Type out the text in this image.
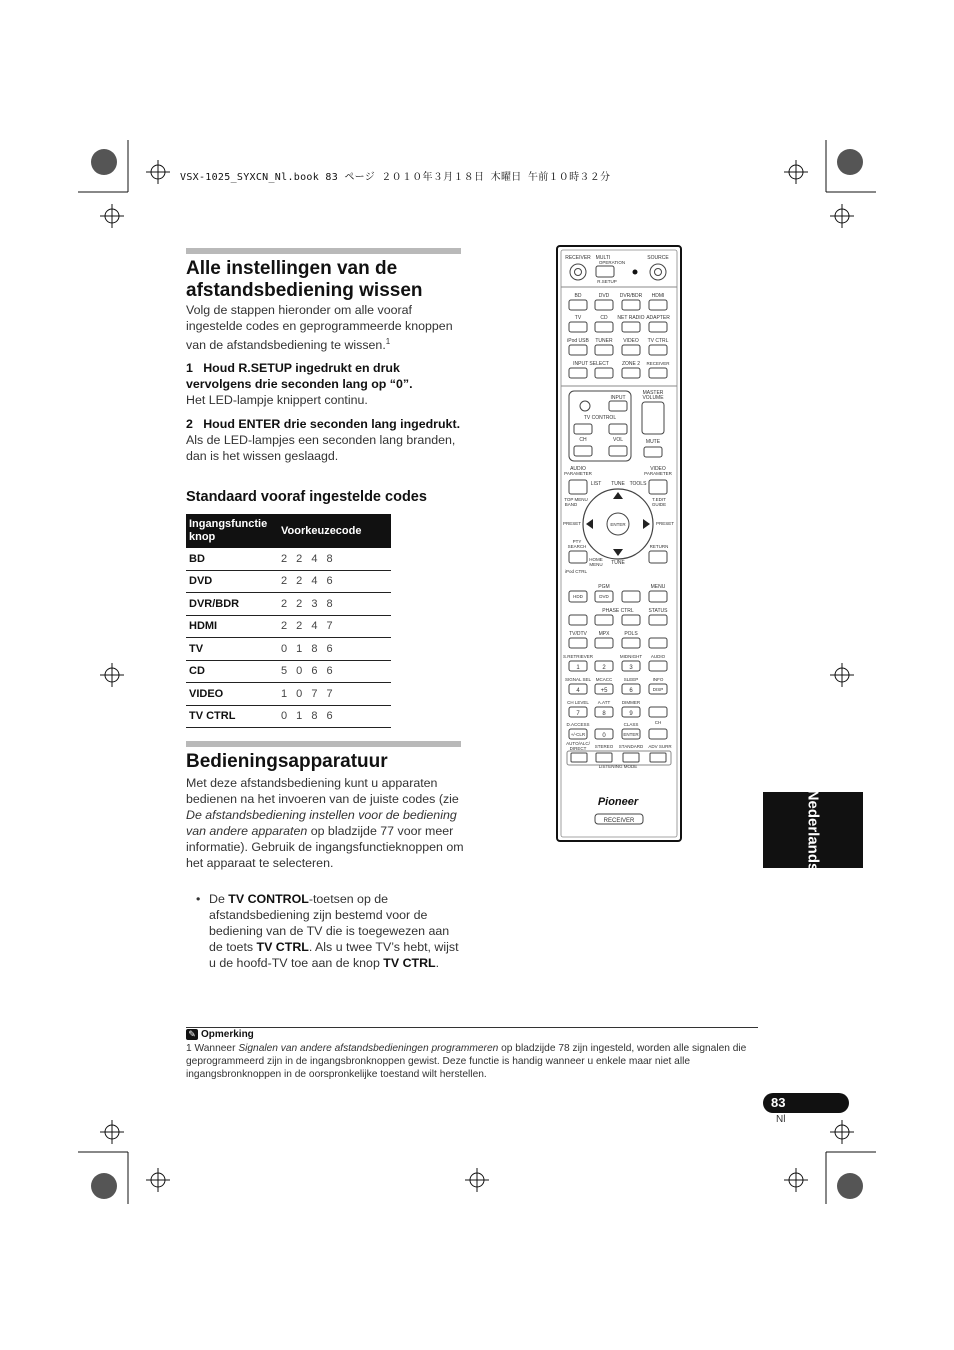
VSX-1025_SYXCN_Nl.book 83 ページ ２０１０年３月１８日 木曜日 午前１０時３２分
Alle instellingen van de
afstandsbediening wissen
Volg de stappen hieronder om alle vooraf ingestelde codes en geprogrammeerde knoppen van de afstandsbediening te wissen.$^1$
1 Houd R.SETUP ingedrukt en druk vervolgens drie seconden lang op “0”.
Het LED-lampje knippert continu.
2 Houd ENTER drie seconden lang ingedrukt.
Als de LED-lampjes een seconden lang branden, dan is het wissen geslaagd.
Standaard vooraf ingestelde codes
Ingangsfunctie knop	Voorkeuzecode
BD	2 2 4 8
DVD	2 2 4 6
DVR/BDR	2 2 3 8
HDMI	2 2 4 7
TV	0 1 8 6
CD	5 0 6 6
VIDEO	1 0 7 7
TV CTRL	0 1 8 6
Bedieningsapparatuur
Met deze afstandsbediening kunt u apparaten bedienen na het invoeren van de juiste codes (zie De afstandsbediening instellen voor de bediening van andere apparaten op bladzijde 77 voor meer informatie). Gebruik de ingangsfunctieknoppen om het apparaat te selecteren.
• De TV CONTROL-toetsen op de afstandsbediening zijn bestemd voor de bediening van de TV die is toegewezen aan de toets TV CTRL. Als u twee TV’s hebt, wijst u de hoofd-TV toe aan de knop TV CTRL.
RECEIVER MULTI
OPERATION
SOURCE
R.SETUP
BD	DVD DVR/BDR HDMI
TV	CD NET RADIO ADAPTER
iPod USB TUNER VIDEO TV CTRL
INPUT SELECT	ZONE 2 RECEIVER
INPUT
TV CONTROL
CH	VOL
MASTER
VOLUME
MUTE
AUDIO
PARAMETER
VIDEO
PARAMETER
LIST TUNE TOOLS
TOP MENU
BAND
T.EDIT
GUIDE
ENTER
PRESET	PRESET
PTY
SEARCH
HOME
MENU TUNE
RETURN
iPod CTRL
PGM	MENU
HDD	DVD
PHASE CTRL	STATUS
TV/DTV MPX	POLS
S.RETRIEVER	MIDNIGHT AUDIO
1	2	3
SIGNAL SEL MCACC	SLEEP	INFO
4	+5	6	DISP
CH LEVEL A.ATT	DIMMER
7	8	9
CH
D.ACCESS	CLASS
+/-CLR	0	ENTER
AUTO/ALC/
DIRECT STEREO STANDARD ADV SURR
LISTENING MODE
Pioneer
RECEIVER	Nederlands
✎ Opmerking
1 Wanneer Signalen van andere afstandsbedieningen programmeren op bladzijde 78 zijn ingesteld, worden alle signalen die geprogrammeerd zijn in de ingangsbronknoppen gewist. Deze functie is handig wanneer u enkele maar niet alle ingangsbronknoppen in de oorspronkelijke toestand wilt herstellen.
83
Nl
